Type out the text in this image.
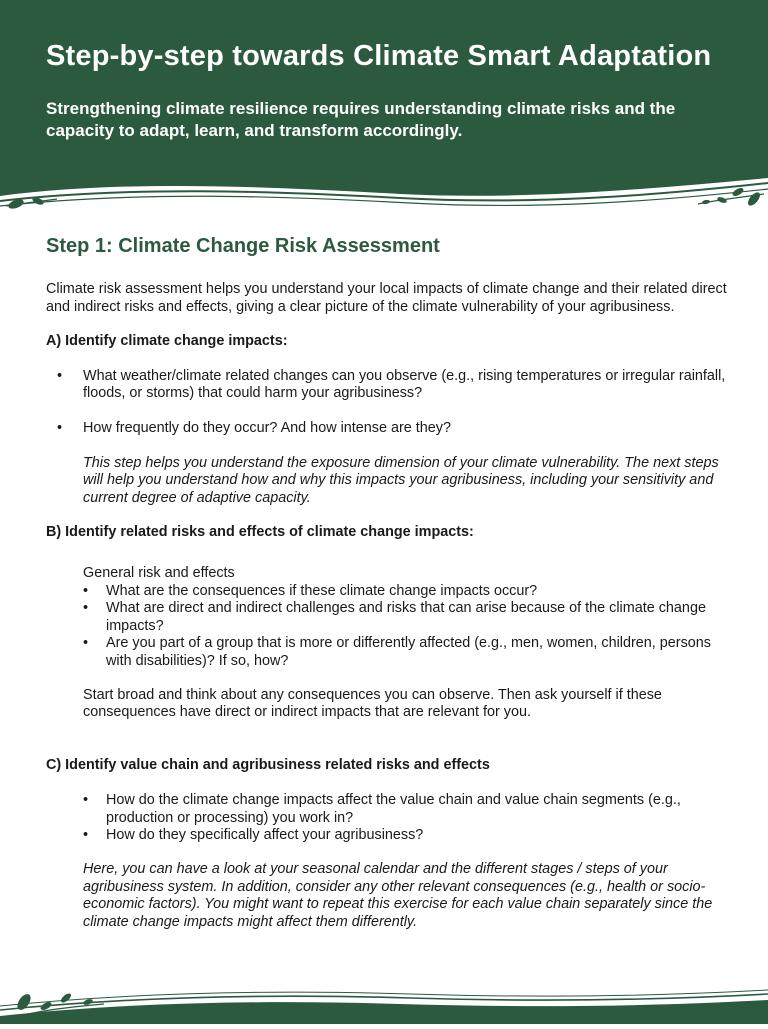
Step-by-step towards Climate Smart Adaptation

Strengthening climate resilience requires understanding climate risks and the capacity to adapt, learn, and transform accordingly.

Step 1: Climate Change Risk Assessment

Climate risk assessment helps you understand your local impacts of climate change and their related direct and indirect risks and effects, giving a clear picture of the climate vulnerability of your agribusiness.

A) Identify climate change impacts:

• What weather/climate related changes can you observe (e.g., rising temperatures or irregular rainfall, floods, or storms) that could harm your agribusiness?

• How frequently do they occur? And how intense are they?

This step helps you understand the exposure dimension of your climate vulnerability. The next steps will help you understand how and why this impacts your agribusiness, including your sensitivity and current degree of adaptive capacity.

B) Identify related risks and effects of climate change impacts:

General risk and effects

• What are the consequences if these climate change impacts occur?

• What are direct and indirect challenges and risks that can arise because of the climate change impacts?

• Are you part of a group that is more or differently affected (e.g., men, women, children, persons with disabilities)? If so, how?

Start broad and think about any consequences you can observe. Then ask yourself if these consequences have direct or indirect impacts that are relevant for you.

C) Identify value chain and agribusiness related risks and effects

• How do the climate change impacts affect the value chain and value chain segments (e.g., production or processing) you work in?

• How do they specifically affect your agribusiness?

Here, you can have a look at your seasonal calendar and the different stages / steps of your agribusiness system. In addition, consider any other relevant consequences (e.g., health or socio-economic factors). You might want to repeat this exercise for each value chain separately since the climate change impacts might affect them differently.
